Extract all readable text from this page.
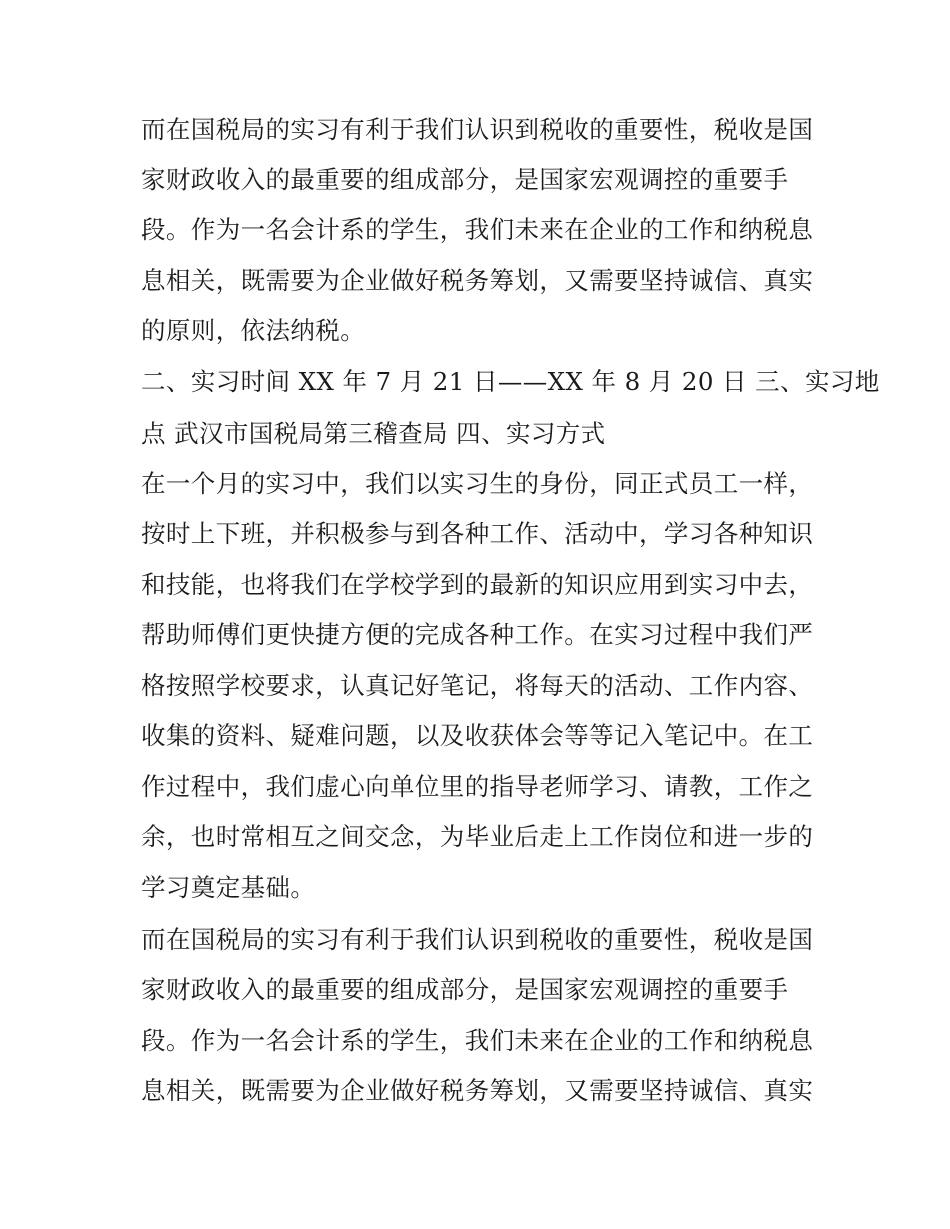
而在国税局的实习有利于我们认识到税收的重要性，税收是国
家财政收入的最重要的组成部分，是国家宏观调控的重要手
段。作为一名会计系的学生，我们未来在企业的工作和纳税息
息相关，既需要为企业做好税务筹划，又需要坚持诚信、真实
的原则，依法纳税。
二、实习时间 XX 年 7 月 21 日——XX 年 8 月 20 日 三、实习地
点 武汉市国税局第三稽查局 四、实习方式
在一个月的实习中，我们以实习生的身份，同正式员工一样，
按时上下班，并积极参与到各种工作、活动中，学习各种知识
和技能，也将我们在学校学到的最新的知识应用到实习中去，
帮助师傅们更快捷方便的完成各种工作。在实习过程中我们严
格按照学校要求，认真记好笔记，将每天的活动、工作内容、
收集的资料、疑难问题，以及收获体会等等记入笔记中。在工
作过程中，我们虚心向单位里的指导老师学习、请教，工作之
余，也时常相互之间交念，为毕业后走上工作岗位和进一步的
学习奠定基础。
而在国税局的实习有利于我们认识到税收的重要性，税收是国
家财政收入的最重要的组成部分，是国家宏观调控的重要手
段。作为一名会计系的学生，我们未来在企业的工作和纳税息
息相关，既需要为企业做好税务筹划，又需要坚持诚信、真实
